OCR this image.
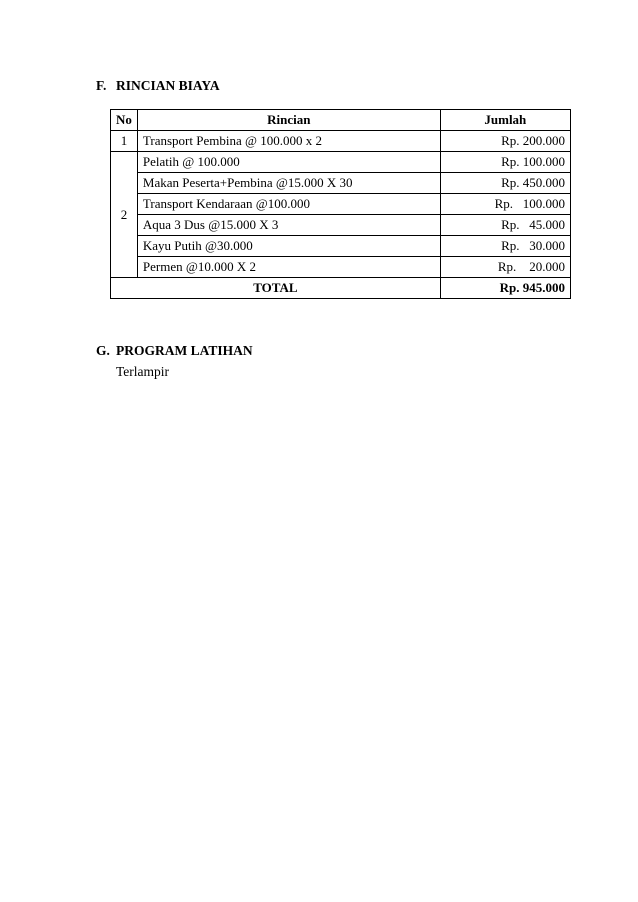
F. RINCIAN BIAYA
No	Rincian	Jumlah
1	Transport Pembina @ 100.000 x 2	Rp. 200.000
2	Pelatih @ 100.000	Rp. 100.000
	Makan Peserta+Pembina @15.000 X 30	Rp. 450.000
	Transport Kendaraan @100.000	Rp.   100.000
	Aqua 3 Dus @15.000 X 3	Rp.   45.000
	Kayu Putih @30.000	Rp.   30.000
	Permen @10.000 X 2	Rp.    20.000
TOTAL		Rp. 945.000
G. PROGRAM LATIHAN
Terlampir
